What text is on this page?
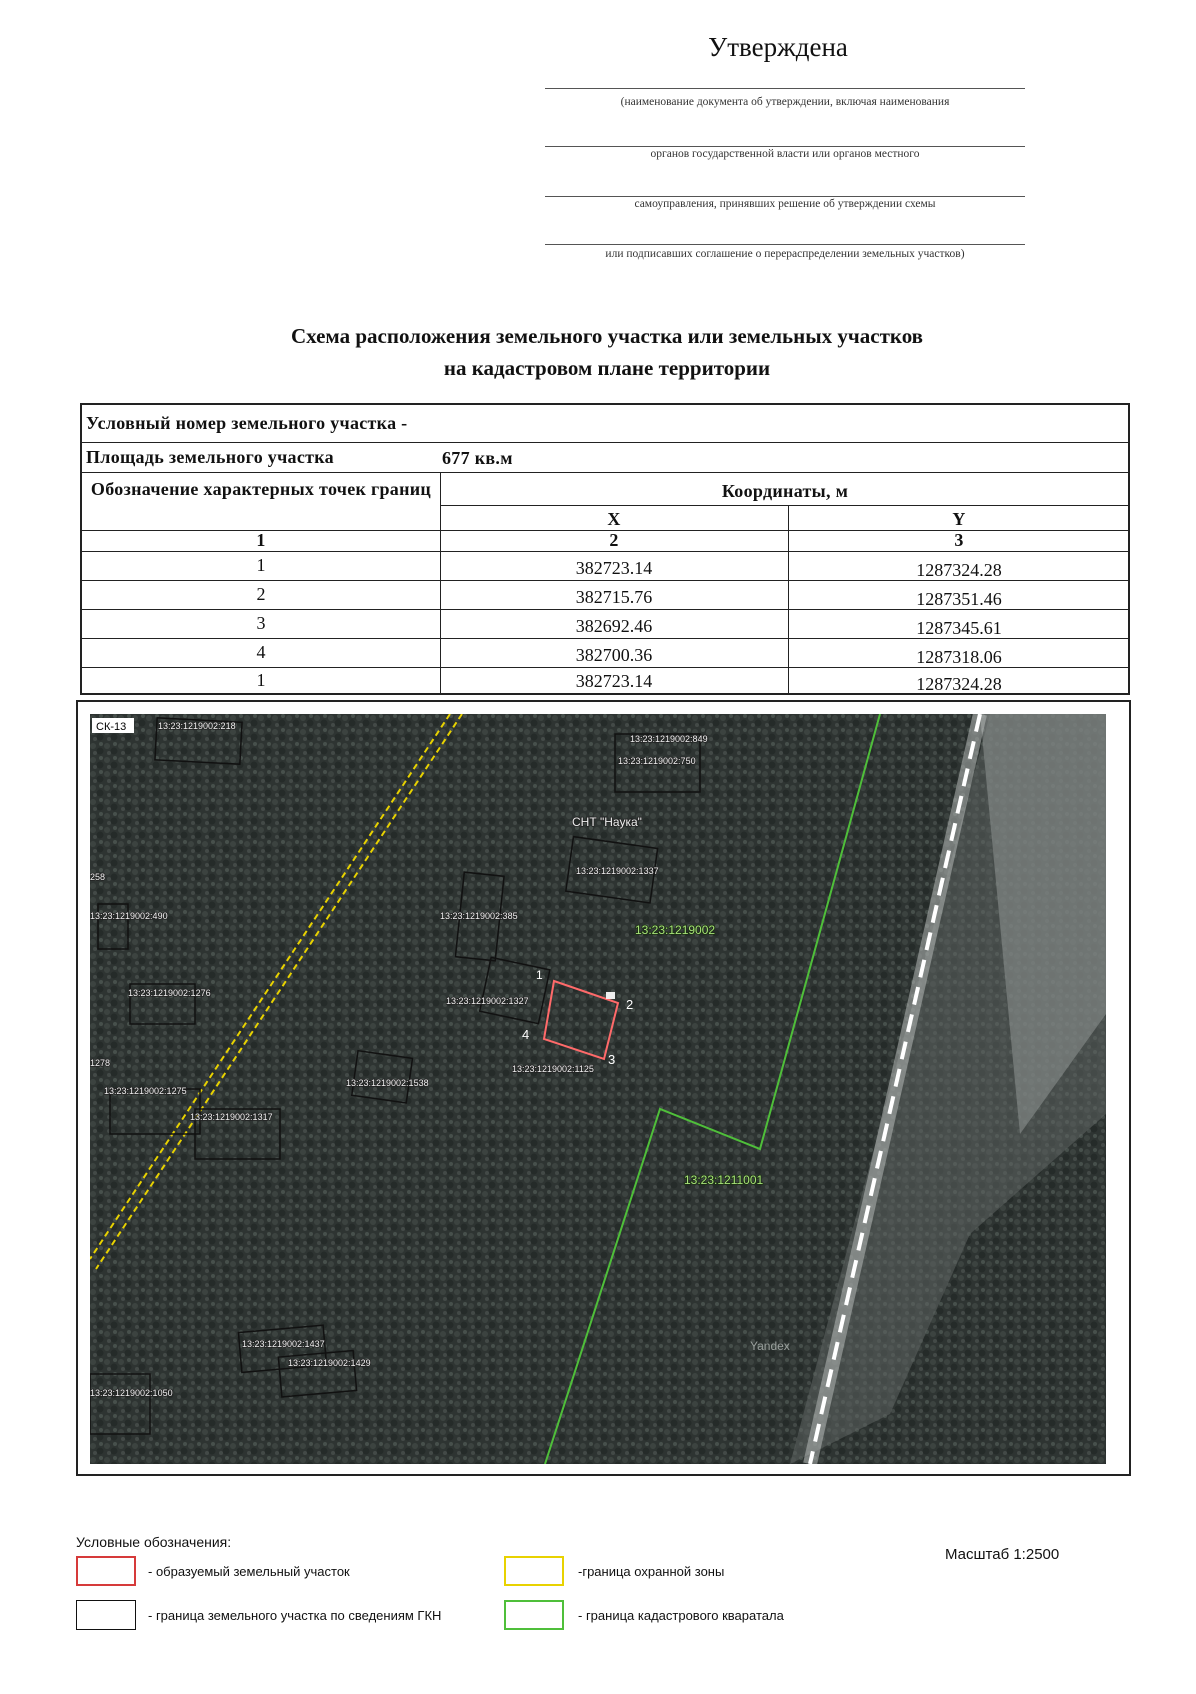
Утверждена
(наименование документа об утверждении, включая наименования
органов государственной власти или органов местного
самоуправления, принявших решение об утверждении схемы
или подписавших соглашение о перераспределении земельных участков)
Схема расположения земельного участка или земельных участков
на кадастровом плане территории
Условный номер земельного участка -
Площадь земельного участка	677 кв.м
Обозначение характерных точек границ	Координаты, м
X	Y
1	2	3
1	382723.14	1287324.28
2	382715.76	1287351.46
3	382692.46	1287345.61
4	382700.36	1287318.06
1	382723.14	1287324.28
СК-13
СНТ "Наука"
13:23:1219002
13:23:1211001
13:23:1219002:218
13:23:1219002:849
13:23:1219002:750
13:23:1219002:1337
13:23:1219002:385
13:23:1219002:490
13:23:1219002:1276
13:23:1219002:1327
13:23:1219002:1125
13:23:1219002:1538
13:23:1219002:1275
13:23:1219002:1317
13:23:1219002:1437
13:23:1219002:1429
13:23:1219002:1050
258
1278
1
2
3
4
Yandex
Условные обозначения:
- образуемый земельный участок	-граница охранной зоны
- граница земельного участка по сведениям ГКН	- граница кадастрового кваратала
Масштаб 1:2500
